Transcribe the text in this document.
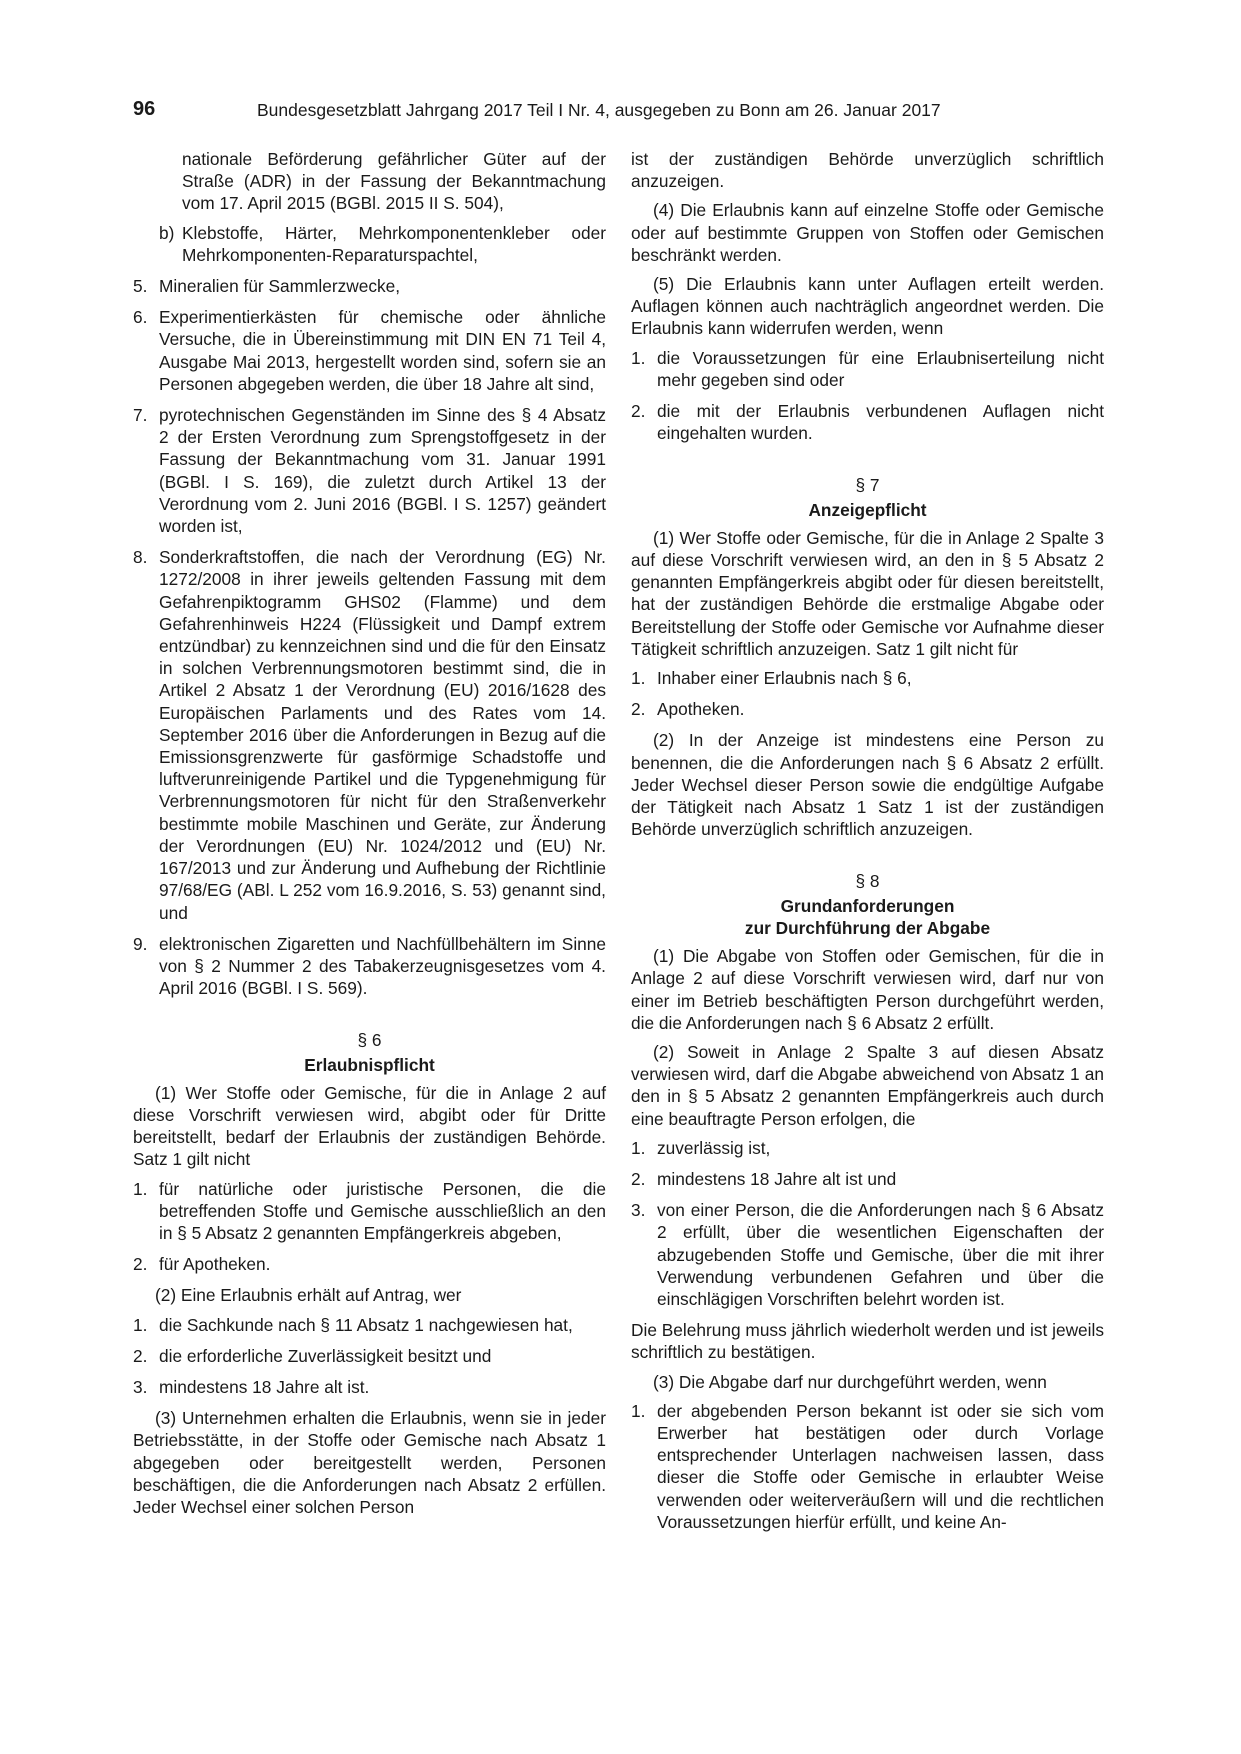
96	Bundesgesetzblatt Jahrgang 2017 Teil I Nr. 4, ausgegeben zu Bonn am 26. Januar 2017

nationale Beförderung gefährlicher Güter auf der Straße (ADR) in der Fassung der Bekanntmachung vom 17. April 2015 (BGBl. 2015 II S. 504),

b) Klebstoffe, Härter, Mehrkomponentenkleber oder Mehrkomponenten-Reparaturspachtel,
5. Mineralien für Sammlerzwecke,
6. Experimentierkästen für chemische oder ähnliche Versuche, die in Übereinstimmung mit DIN EN 71 Teil 4, Ausgabe Mai 2013, hergestellt worden sind, sofern sie an Personen abgegeben werden, die über 18 Jahre alt sind,
7. pyrotechnischen Gegenständen im Sinne des § 4 Absatz 2 der Ersten Verordnung zum Sprengstoffgesetz in der Fassung der Bekanntmachung vom 31. Januar 1991 (BGBl. I S. 169), die zuletzt durch Artikel 13 der Verordnung vom 2. Juni 2016 (BGBl. I S. 1257) geändert worden ist,
8. Sonderkraftstoffen, die nach der Verordnung (EG) Nr. 1272/2008 in ihrer jeweils geltenden Fassung mit dem Gefahrenpiktogramm GHS02 (Flamme) und dem Gefahrenhinweis H224 (Flüssigkeit und Dampf extrem entzündbar) zu kennzeichnen sind und die für den Einsatz in solchen Verbrennungsmotoren bestimmt sind, die in Artikel 2 Absatz 1 der Verordnung (EU) 2016/1628 des Europäischen Parlaments und des Rates vom 14. September 2016 über die Anforderungen in Bezug auf die Emissionsgrenzwerte für gasförmige Schadstoffe und luftverunreinigende Partikel und die Typgenehmigung für Verbrennungsmotoren für nicht für den Straßenverkehr bestimmte mobile Maschinen und Geräte, zur Änderung der Verordnungen (EU) Nr. 1024/2012 und (EU) Nr. 167/2013 und zur Änderung und Aufhebung der Richtlinie 97/68/EG (ABl. L 252 vom 16.9.2016, S. 53) genannt sind, und
9. elektronischen Zigaretten und Nachfüllbehältern im Sinne von § 2 Nummer 2 des Tabakerzeugnisgesetzes vom 4. April 2016 (BGBl. I S. 569).

§ 6

Erlaubnispflicht

(1) Wer Stoffe oder Gemische, für die in Anlage 2 auf diese Vorschrift verwiesen wird, abgibt oder für Dritte bereitstellt, bedarf der Erlaubnis der zuständigen Behörde. Satz 1 gilt nicht

1. für natürliche oder juristische Personen, die die betreffenden Stoffe und Gemische ausschließlich an den in § 5 Absatz 2 genannten Empfängerkreis abgeben,
2. für Apotheken.

(2) Eine Erlaubnis erhält auf Antrag, wer

1. die Sachkunde nach § 11 Absatz 1 nachgewiesen hat,
2. die erforderliche Zuverlässigkeit besitzt und
3. mindestens 18 Jahre alt ist.

(3) Unternehmen erhalten die Erlaubnis, wenn sie in jeder Betriebsstätte, in der Stoffe oder Gemische nach Absatz 1 abgegeben oder bereitgestellt werden, Personen beschäftigen, die die Anforderungen nach Absatz 2 erfüllen. Jeder Wechsel einer solchen Person

ist der zuständigen Behörde unverzüglich schriftlich anzuzeigen.

(4) Die Erlaubnis kann auf einzelne Stoffe oder Gemische oder auf bestimmte Gruppen von Stoffen oder Gemischen beschränkt werden.

(5) Die Erlaubnis kann unter Auflagen erteilt werden. Auflagen können auch nachträglich angeordnet werden. Die Erlaubnis kann widerrufen werden, wenn

1. die Voraussetzungen für eine Erlaubniserteilung nicht mehr gegeben sind oder
2. die mit der Erlaubnis verbundenen Auflagen nicht eingehalten wurden.

§ 7

Anzeigepflicht

(1) Wer Stoffe oder Gemische, für die in Anlage 2 Spalte 3 auf diese Vorschrift verwiesen wird, an den in § 5 Absatz 2 genannten Empfängerkreis abgibt oder für diesen bereitstellt, hat der zuständigen Behörde die erstmalige Abgabe oder Bereitstellung der Stoffe oder Gemische vor Aufnahme dieser Tätigkeit schriftlich anzuzeigen. Satz 1 gilt nicht für

1. Inhaber einer Erlaubnis nach § 6,
2. Apotheken.

(2) In der Anzeige ist mindestens eine Person zu benennen, die die Anforderungen nach § 6 Absatz 2 erfüllt. Jeder Wechsel dieser Person sowie die endgültige Aufgabe der Tätigkeit nach Absatz 1 Satz 1 ist der zuständigen Behörde unverzüglich schriftlich anzuzeigen.

§ 8

Grundanforderungen
zur Durchführung der Abgabe

(1) Die Abgabe von Stoffen oder Gemischen, für die in Anlage 2 auf diese Vorschrift verwiesen wird, darf nur von einer im Betrieb beschäftigten Person durchgeführt werden, die die Anforderungen nach § 6 Absatz 2 erfüllt.

(2) Soweit in Anlage 2 Spalte 3 auf diesen Absatz verwiesen wird, darf die Abgabe abweichend von Absatz 1 an den in § 5 Absatz 2 genannten Empfängerkreis auch durch eine beauftragte Person erfolgen, die

1. zuverlässig ist,
2. mindestens 18 Jahre alt ist und
3. von einer Person, die die Anforderungen nach § 6 Absatz 2 erfüllt, über die wesentlichen Eigenschaften der abzugebenden Stoffe und Gemische, über die mit ihrer Verwendung verbundenen Gefahren und über die einschlägigen Vorschriften belehrt worden ist.

Die Belehrung muss jährlich wiederholt werden und ist jeweils schriftlich zu bestätigen.

(3) Die Abgabe darf nur durchgeführt werden, wenn

1. der abgebenden Person bekannt ist oder sie sich vom Erwerber hat bestätigen oder durch Vorlage entsprechender Unterlagen nachweisen lassen, dass dieser die Stoffe oder Gemische in erlaubter Weise verwenden oder weiterveräußern will und die rechtlichen Voraussetzungen hierfür erfüllt, und keine An-
